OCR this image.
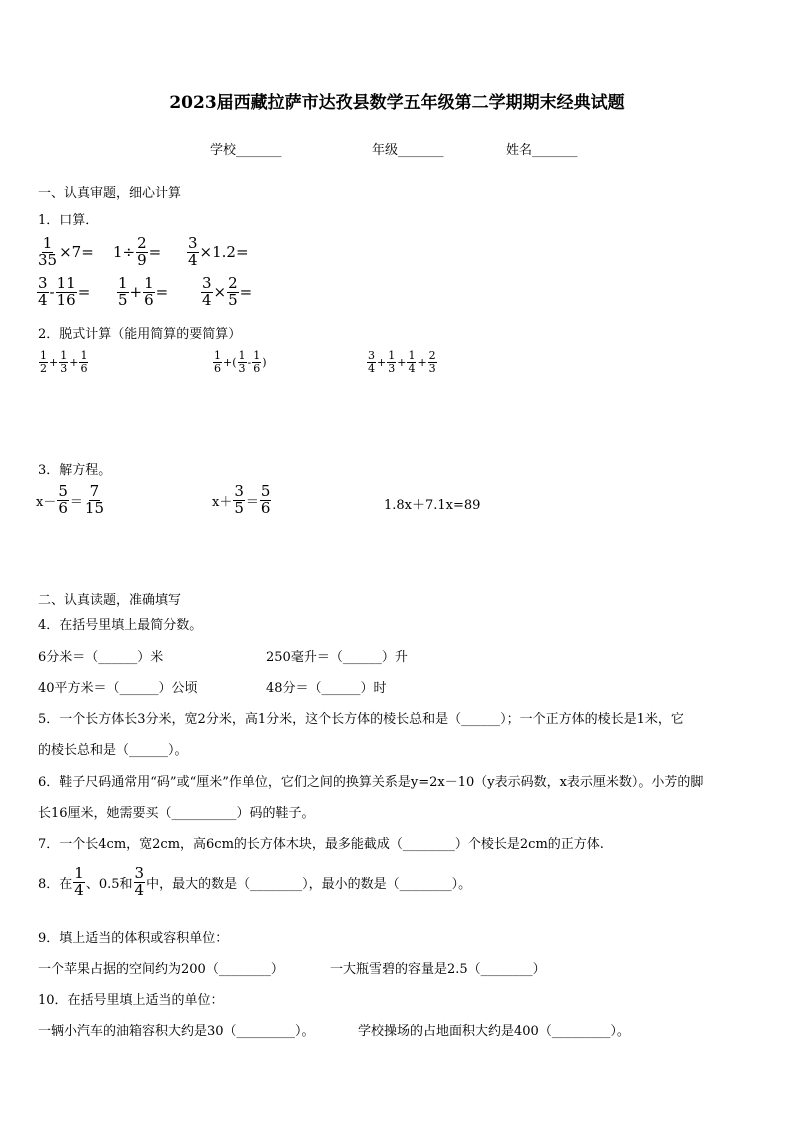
2023届西藏拉萨市达孜县数学五年级第二学期期末经典试题
学校_______	年级_______	姓名_______
一、认真审题，细心计算
1．口算．
$\frac{1}{35} \times 7= 1\div \frac{2}{9} = \frac{3}{4} \times 1.2=$
$\frac{3}{4} - \frac{11}{16} = \frac{1}{5} + \frac{1}{6} = \frac{3}{4} \times \frac{2}{5}$ =
2．脱式计算（能用简算的要简算）
$\frac{1}{2} + \frac{1}{3} + \frac{1}{6}$	$\frac{1}{6}$ +( $\frac{1}{3} - \frac{1}{6}$ )	$\frac{3}{4} + \frac{1}{3} + \frac{1}{4} + \frac{2}{3}$
3．解方程。
$x- \frac{5}{6} = \frac{7}{15}$	$x+ \frac{3}{5} = \frac{5}{6}$	1.8x＋7.1x=89
二、认真读题，准确填写
4．在括号里填上最简分数。
6分米＝（______）米	250毫升＝（______）升
40平方米＝（______）公顷	48分＝（______）时
5．一个长方体长3分米，宽2分米，高1分米，这个长方体的棱长总和是（______）；一个正方体的棱长是1米，它
的棱长总和是（______）。
6．鞋子尺码通常用“码”或“厘米”作单位，它们之间的换算关系是y=2x－10（y表示码数，x表示厘米数）。小芳的脚
长16厘米，她需要买（__________）码的鞋子。
7．一个长4cm，宽2cm，高6cm的长方体木块，最多能截成（________）个棱长是2cm的正方体.
8．在 $\frac{1}{4}$ 、0.5和 $\frac{3}{4}$ 中，最大的数是（________），最小的数是（________）。
9．填上适当的体积或容积单位：
一个苹果占据的空间约为200（________）	一大瓶雪碧的容量是2.5（________）
10．在括号里填上适当的单位：
一辆小汽车的油箱容积大约是30（_________）。	学校操场的占地面积大约是400（_________）。
